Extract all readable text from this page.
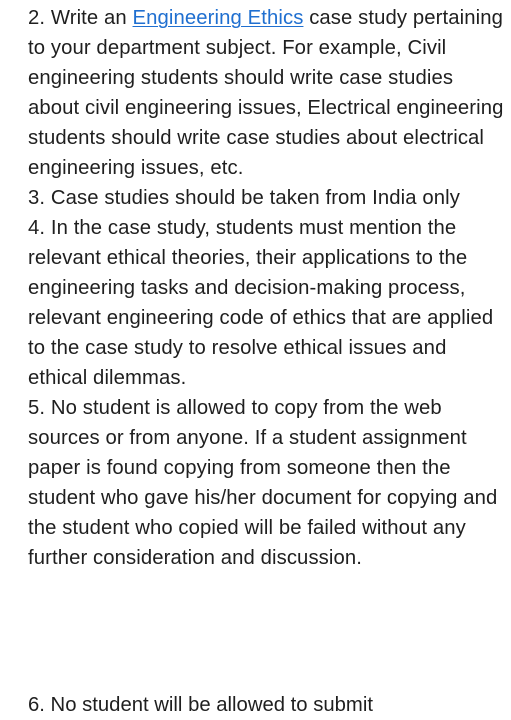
2. Write an Engineering Ethics case study pertaining to your department subject. For example, Civil engineering students should write case studies about civil engineering issues, Electrical engineering students should write case studies about electrical engineering issues, etc.

3. Case studies should be taken from India only

4. In the case study, students must mention the relevant ethical theories, their applications to the engineering tasks and decision-making process, relevant engineering code of ethics that are applied to the case study to resolve ethical issues and ethical dilemmas.

5. No student is allowed to copy from the web sources or from anyone. If a student assignment paper is found copying from someone then the student who gave his/her document for copying and the student who copied will be failed without any further consideration and discussion.

6. No student will be allowed to submit
